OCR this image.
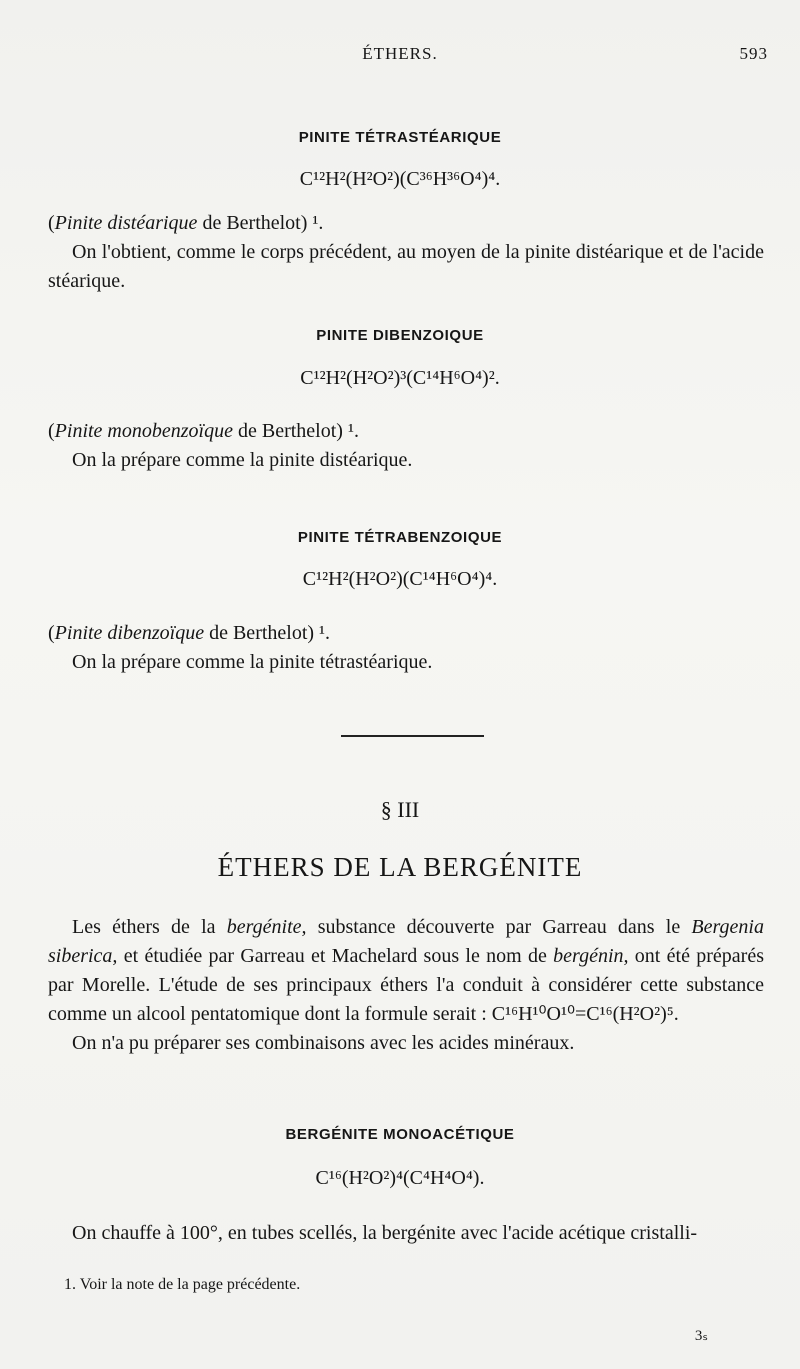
ÉTHERS.	593
PINITE TÉTRASTÉARIQUE
C¹²H²(H²O²)(C³⁶H³⁶O⁴)⁴.

(Pinite distéarique de Berthelot) ¹.

On l'obtient, comme le corps précédent, au moyen de la pinite distéarique et de l'acide stéarique.

PINITE DIBENZOIQUE
C¹²H²(H²O²)³(C¹⁴H⁶O⁴)².

(Pinite monobenzoïque de Berthelot) ¹.

On la prépare comme la pinite distéarique.

PINITE TÉTRABENZOIQUE
C¹²H²(H²O²)(C¹⁴H⁶O⁴)⁴.

(Pinite dibenzoïque de Berthelot) ¹.

On la prépare comme la pinite tétrastéarique.

§ III
ÉTHERS DE LA BERGÉNITE

Les éthers de la bergénite, substance découverte par Garreau dans le Bergenia siberica, et étudiée par Garreau et Machelard sous le nom de bergénin, ont été préparés par Morelle. L'étude de ses principaux éthers l'a conduit à considérer cette substance comme un alcool pentatomique dont la formule serait : C¹⁶H¹⁰O¹⁰=C¹⁶(H²O²)⁵.

On n'a pu préparer ses combinaisons avec les acides minéraux.

BERGÉNITE MONOACÉTIQUE
C¹⁶(H²O²)⁴(C⁴H⁴O⁴).

On chauffe à 100°, en tubes scellés, la bergénite avec l'acide acétique cristalli-

1. Voir la note de la page précédente.
3ₛ
